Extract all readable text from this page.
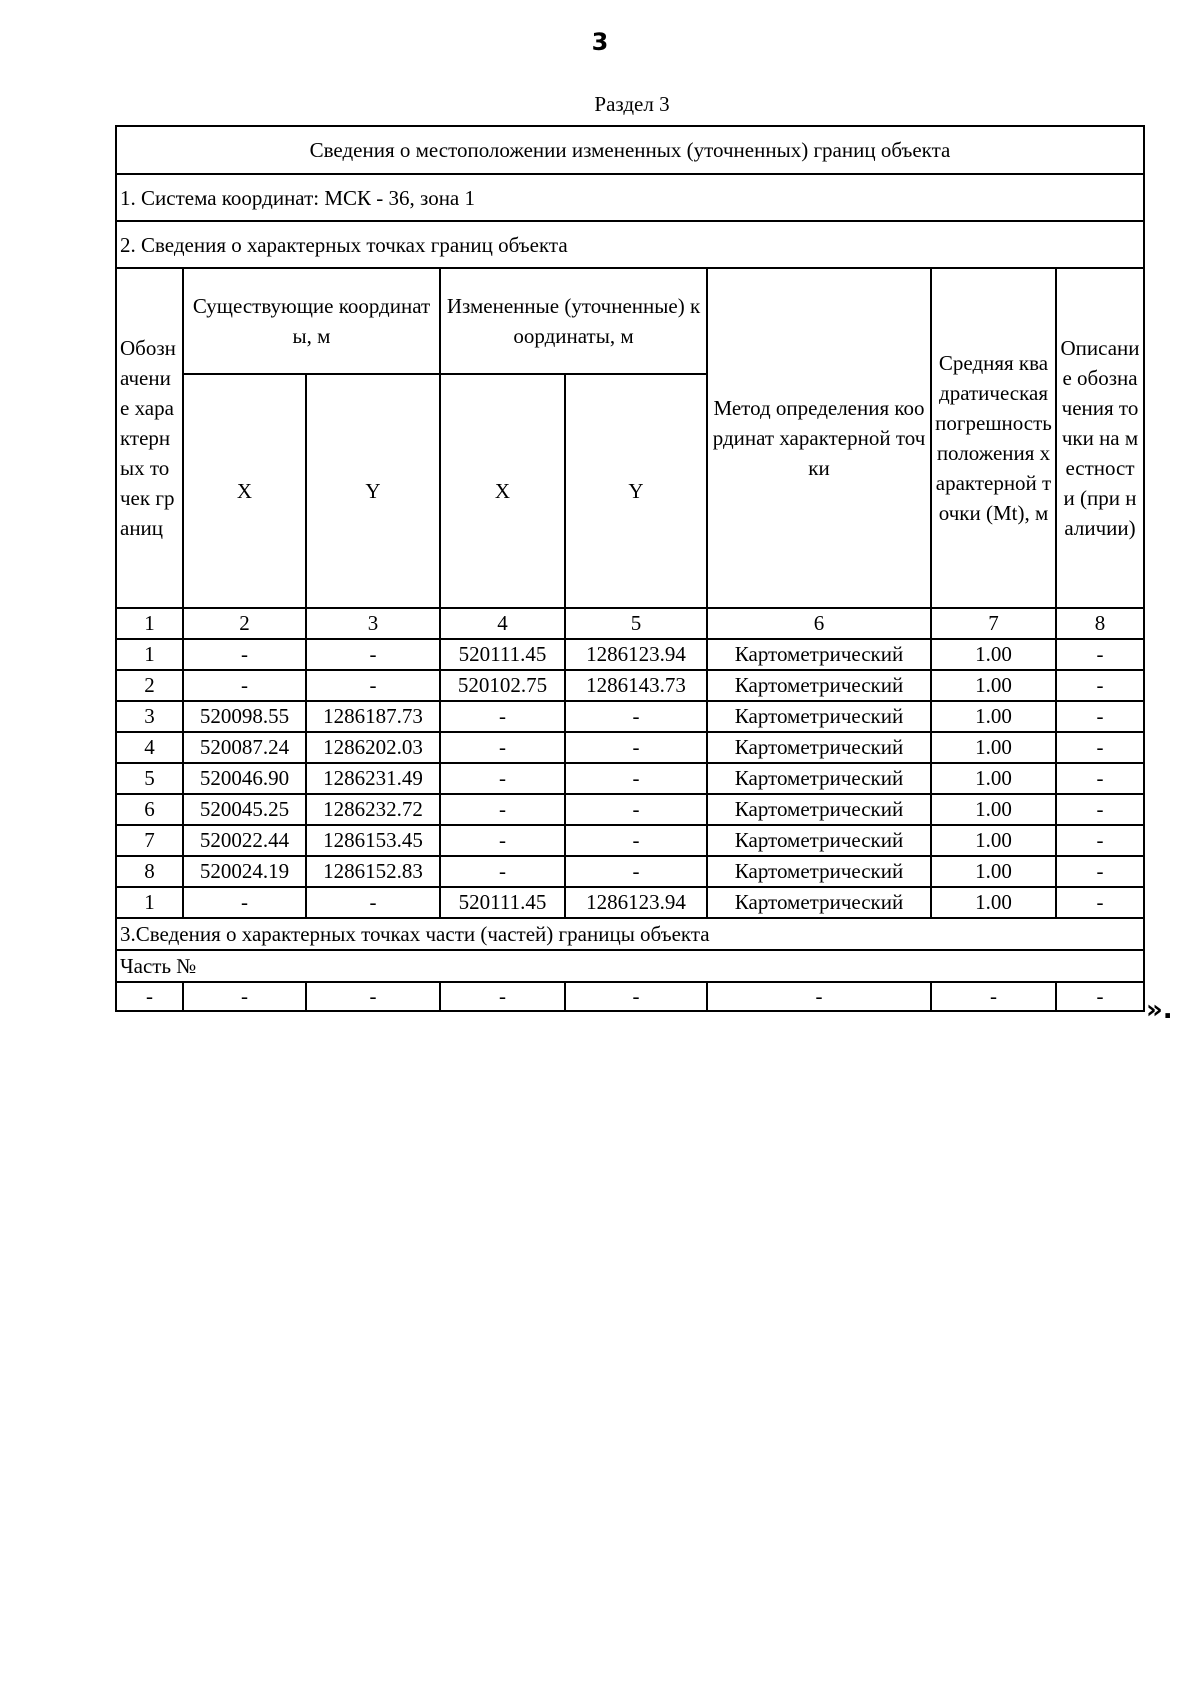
3
Раздел 3
Сведения о местоположении измененных (уточненных) границ объекта							
1. Система координат: МСК - 36, зона 1							
2. Сведения о характерных точках границ объекта							
Обозначение характерных точек границ	Существующие координаты, м		Измененные (уточненные) координаты, м		Метод определения координат характерной точки	Средняя квадратическая погрешность положения характерной точки (Mt), м	Описание обозначения точки на местности (при наличии)
	X	Y	X	Y			
1	2	3	4	5	6	7	8
1	-	-	520111.45	1286123.94	Картометрический	1.00	-
2	-	-	520102.75	1286143.73	Картометрический	1.00	-
3	520098.55	1286187.73	-	-	Картометрический	1.00	-
4	520087.24	1286202.03	-	-	Картометрический	1.00	-
5	520046.90	1286231.49	-	-	Картометрический	1.00	-
6	520045.25	1286232.72	-	-	Картометрический	1.00	-
7	520022.44	1286153.45	-	-	Картометрический	1.00	-
8	520024.19	1286152.83	-	-	Картометрический	1.00	-
1	-	-	520111.45	1286123.94	Картометрический	1.00	-
3.Сведения о характерных точках части (частей) границы объекта							
Часть №							
-	-	-	-	-	-	-	- ».
